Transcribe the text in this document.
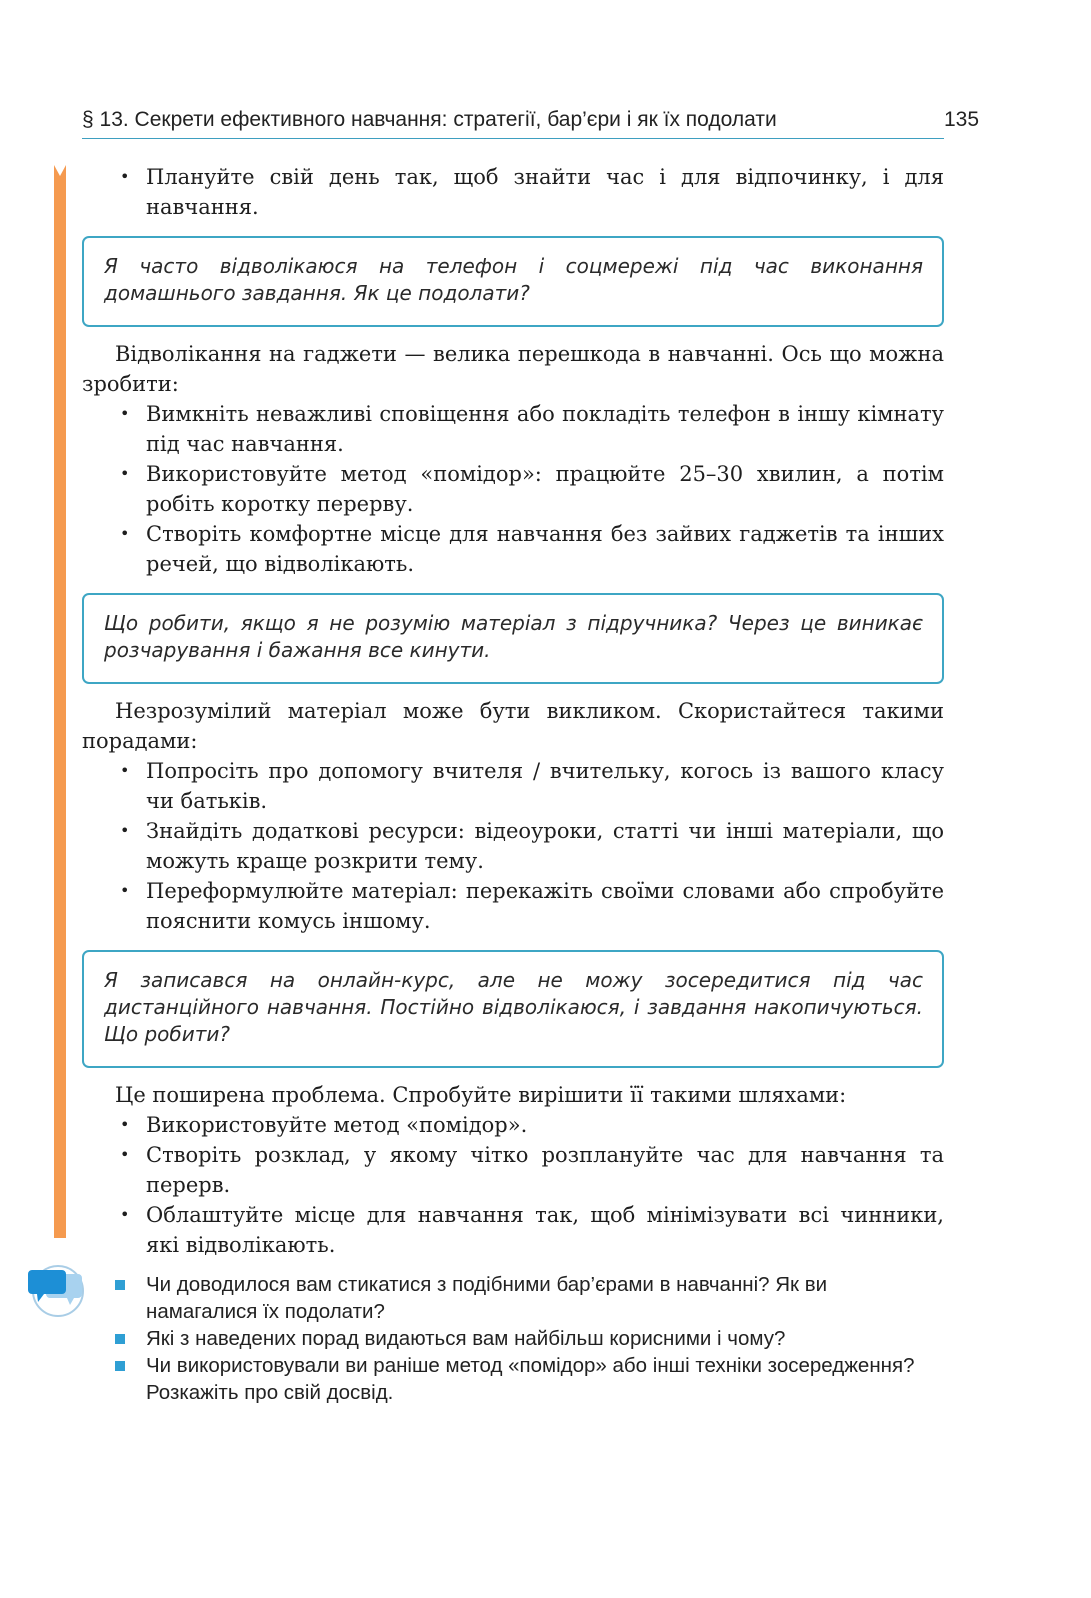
§ 13. Секрети ефективного навчання: стратегії, бар’єри і як їх подолати	135
• Плануйте свій день так, щоб знайти час і для відпочинку, і для навчання.
Я часто відволікаюся на телефон і соцмережі під час виконання домашнього завдання. Як це подолати?

Відволікання на гаджети — велика перешкода в навчанні. Ось що можна зробити:

• Вимкніть неважливі сповіщення або покладіть телефон в іншу кімнату під час навчання.
• Використовуйте метод «помідор»: працюйте 25–30 хвилин, а потім робіть коротку перерву.
• Створіть комфортне місце для навчання без зайвих гаджетів та інших речей, що відволікають.
Що робити, якщо я не розумію матеріал з підручника? Через це виникає розчарування і бажання все кинути.

Незрозумілий матеріал може бути викликом. Скористайтеся такими порадами:

• Попросіть про допомогу вчителя / вчительку, когось із вашого класу чи батьків.
• Знайдіть додаткові ресурси: відеоуроки, статті чи інші матеріали, що можуть краще розкрити тему.
• Переформулюйте матеріал: перекажіть своїми словами або спробуйте пояснити комусь іншому.
Я записався на онлайн-курс, але не можу зосередитися під час дистанційного навчання. Постійно відволікаюся, і завдання накопичуються. Що робити?

Це поширена проблема. Спробуйте вирішити її такими шляхами:

• Використовуйте метод «помідор».
• Створіть розклад, у якому чітко розплануйте час для навчання та перерв.
• Облаштуйте місце для навчання так, щоб мінімізувати всі чинники, які відволікають.
Чи доводилося вам стикатися з подібними бар’єрами в навчанні? Як ви намагалися їх подолати?
Які з наведених порад видаються вам найбільш корисними і чому?
Чи використовували ви раніше метод «помідор» або інші техніки зосередження? Розкажіть про свій досвід.
